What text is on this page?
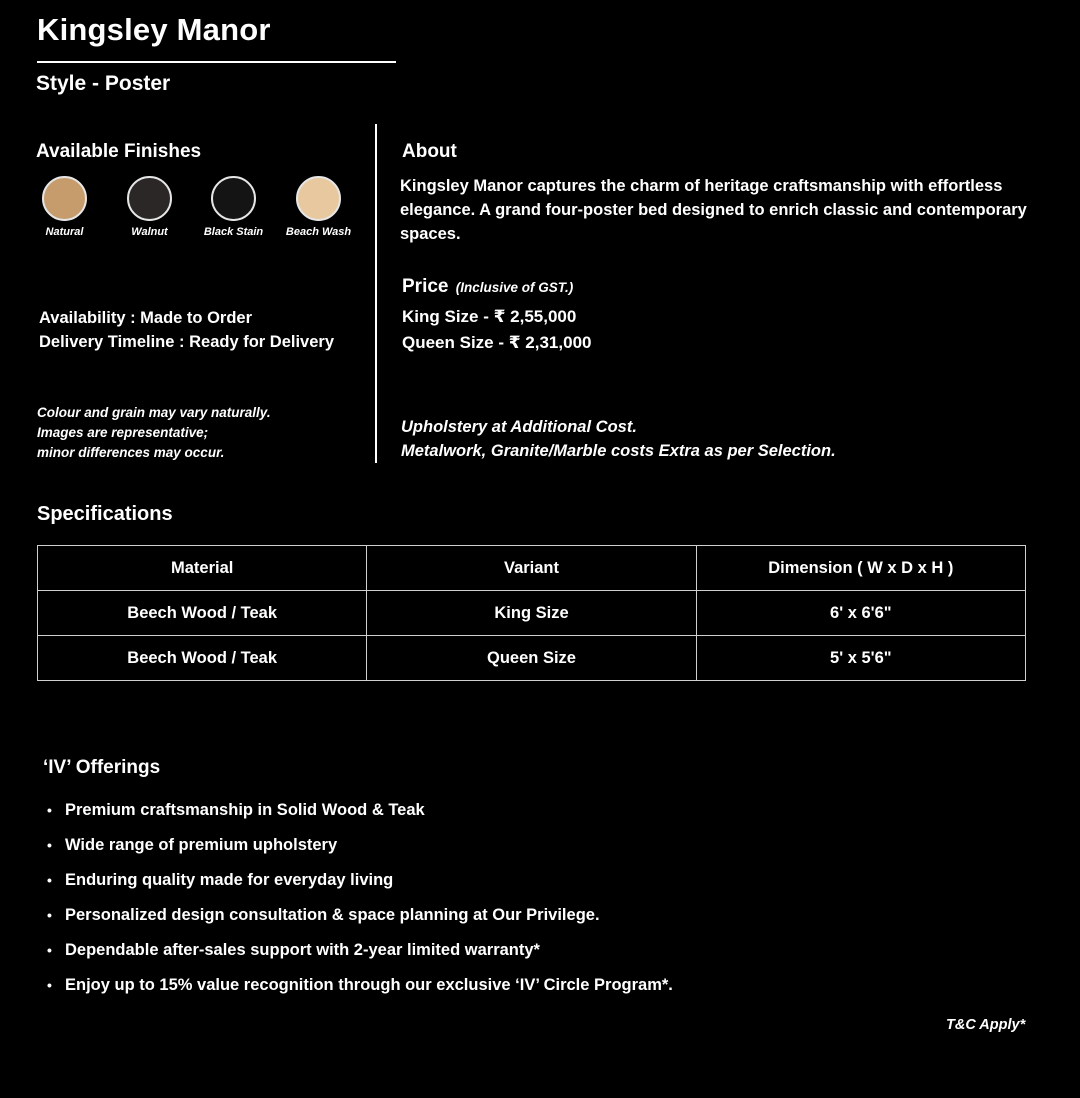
Kingsley Manor
Style - Poster
Available Finishes
Natural	Walnut	Black Stain	Beach Wash
Availability : Made to Order
Delivery Timeline : Ready for Delivery
Colour and grain may vary naturally.
Images are representative;
minor differences may occur.
About
Kingsley Manor captures the charm of heritage craftsmanship with effortless elegance. A grand four-poster bed designed to enrich classic and contemporary spaces.
Price (Inclusive of GST.)
King Size - ₹ 2,55,000
Queen Size - ₹ 2,31,000
Upholstery at Additional Cost.
Metalwork, Granite/Marble costs Extra as per Selection.
Specifications
Material	Variant	Dimension ( W x D x H )
Beech Wood / Teak	King Size	6' x 6'6"
Beech Wood / Teak	Queen Size	5' x 5'6"
‘IV’ Offerings
• Premium craftsmanship in Solid Wood & Teak
• Wide range of premium upholstery
• Enduring quality made for everyday living
• Personalized design consultation & space planning at Our Privilege.
• Dependable after-sales support with 2-year limited warranty*
• Enjoy up to 15% value recognition through our exclusive ‘IV’ Circle Program*.
T&C Apply*
